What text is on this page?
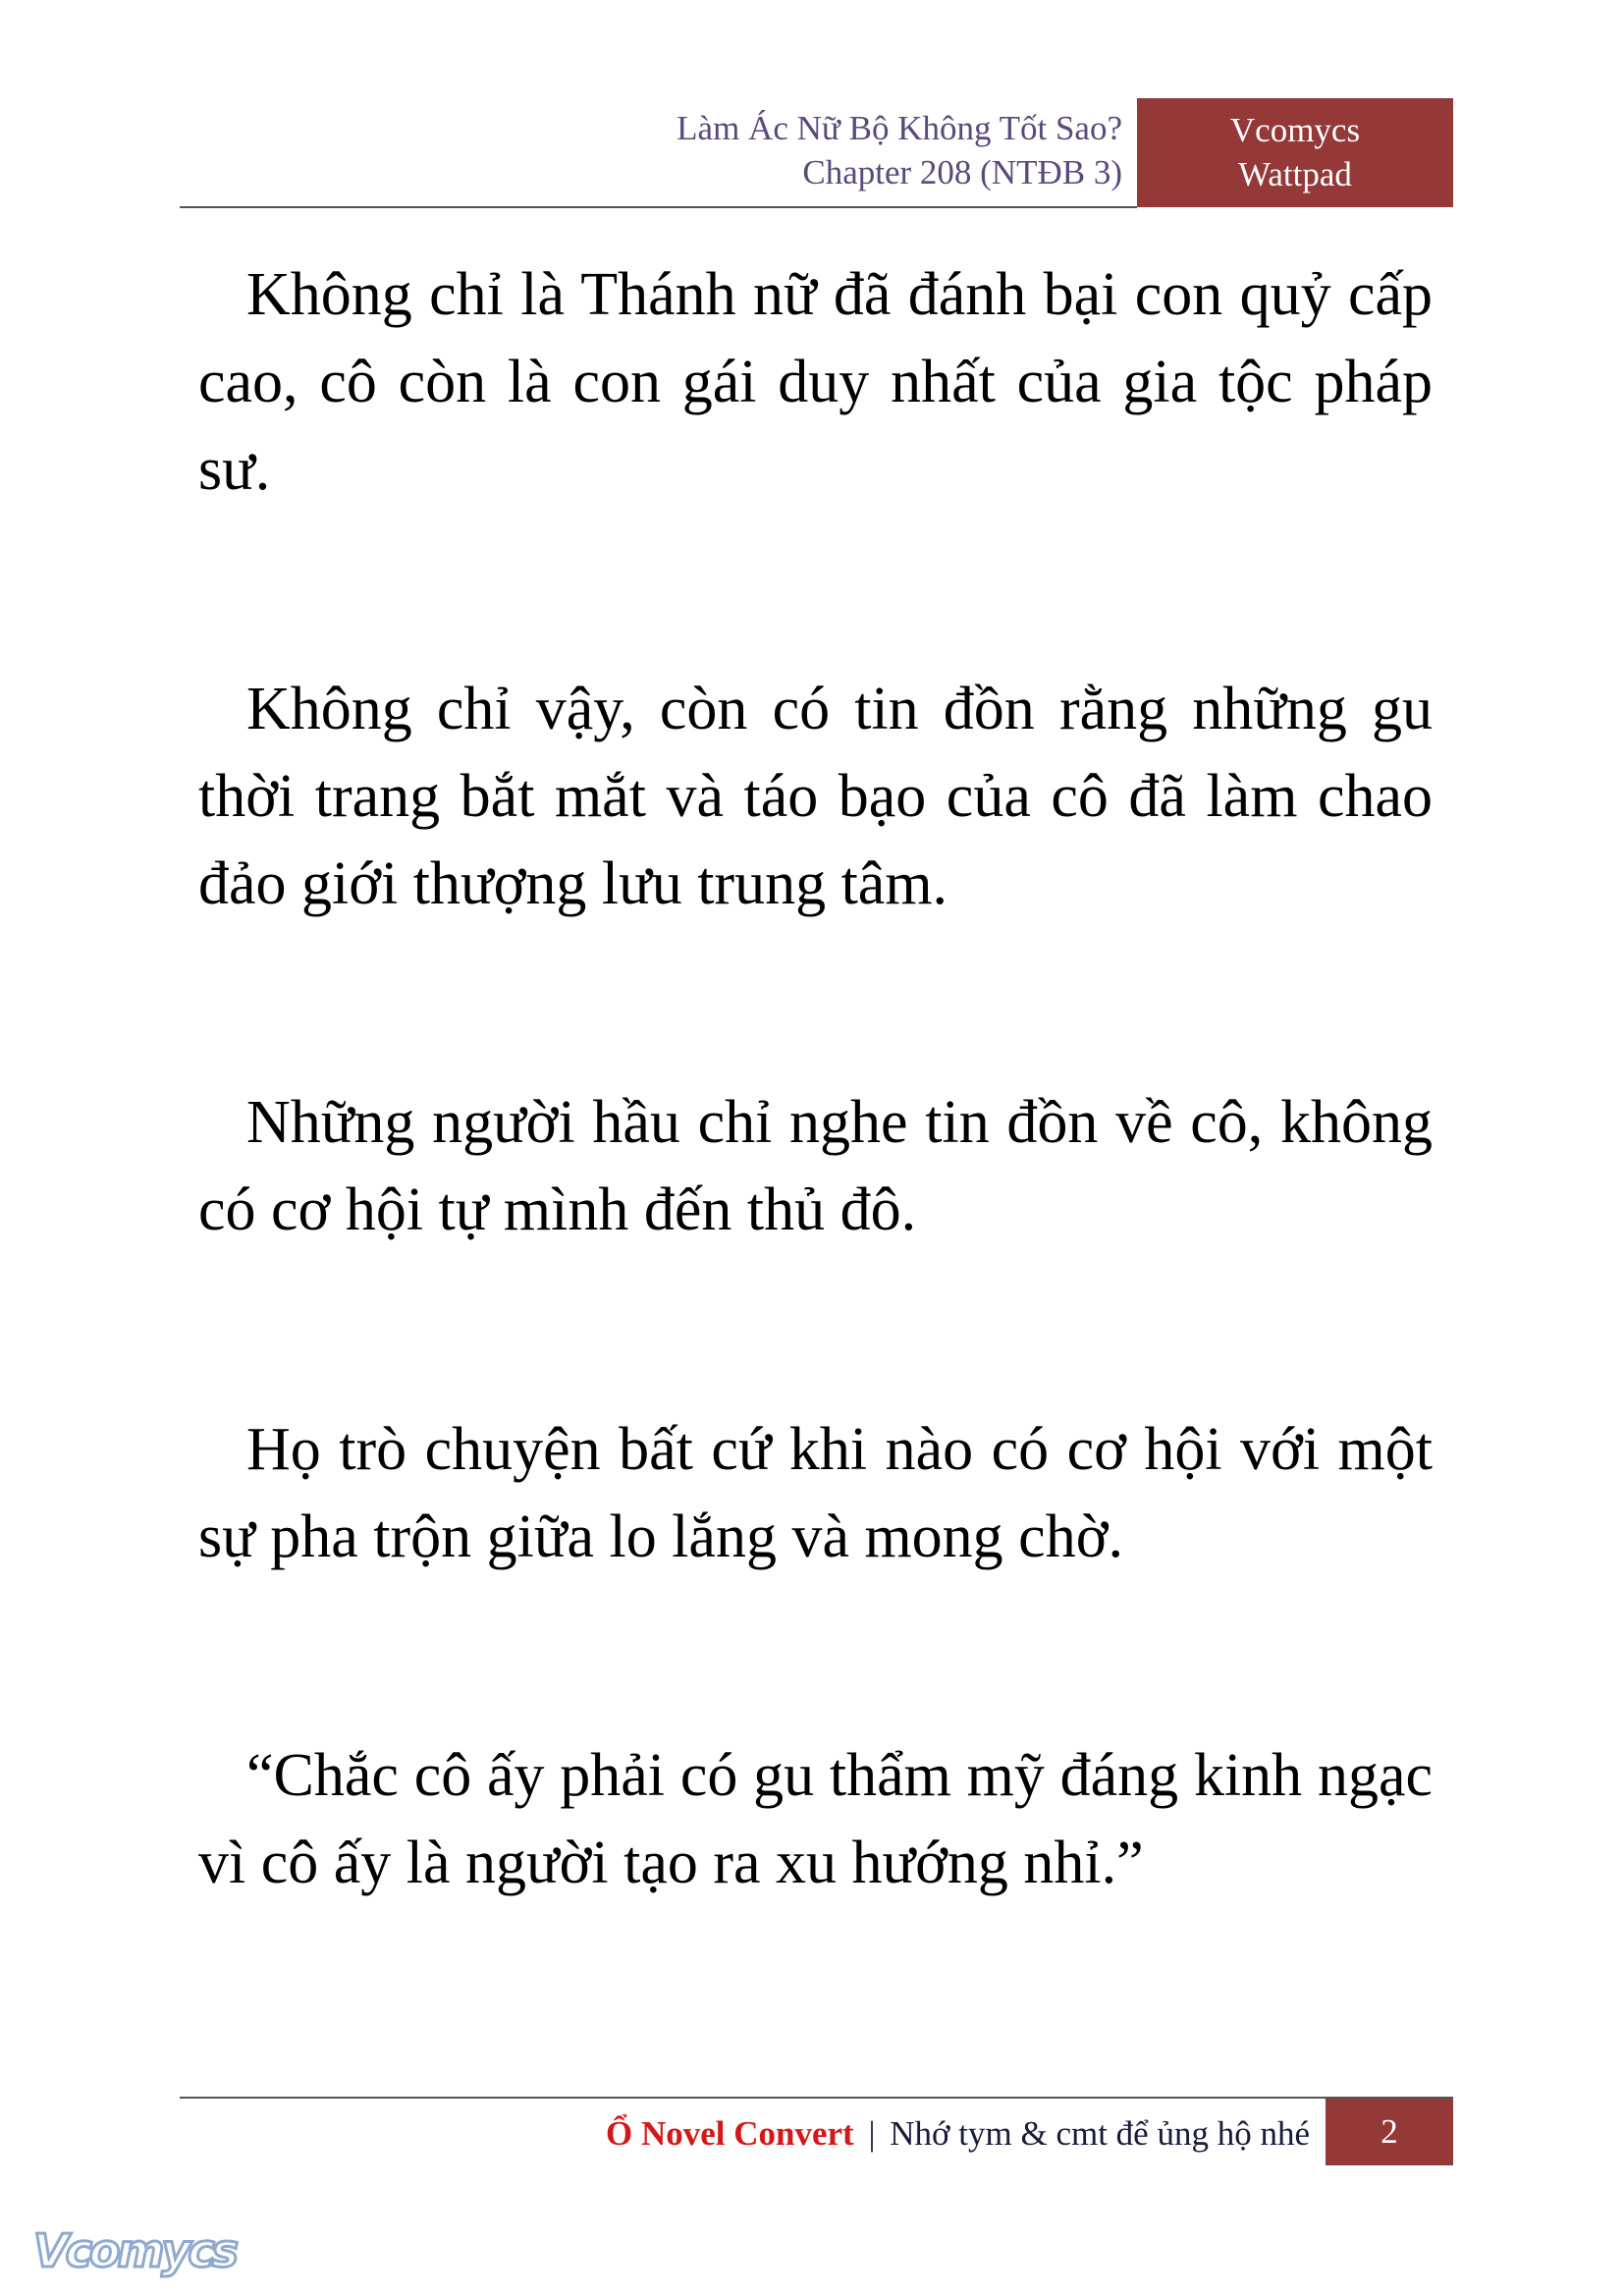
Làm Ác Nữ Bộ Không Tốt Sao?
Chapter 208 (NTĐB 3)
Vcomycs
Wattpad

Không chỉ là Thánh nữ đã đánh bại con quỷ cấp cao, cô còn là con gái duy nhất của gia tộc pháp sư.

Không chỉ vậy, còn có tin đồn rằng những gu thời trang bắt mắt và táo bạo của cô đã làm chao đảo giới thượng lưu trung tâm.

Những người hầu chỉ nghe tin đồn về cô, không có cơ hội tự mình đến thủ đô.

Họ trò chuyện bất cứ khi nào có cơ hội với một sự pha trộn giữa lo lắng và mong chờ.

“Chắc cô ấy phải có gu thẩm mỹ đáng kinh ngạc vì cô ấy là người tạo ra xu hướng nhỉ.”

Ổ Novel Convert | Nhớ tym & cmt để ủng hộ nhé	2
Vcomycs
